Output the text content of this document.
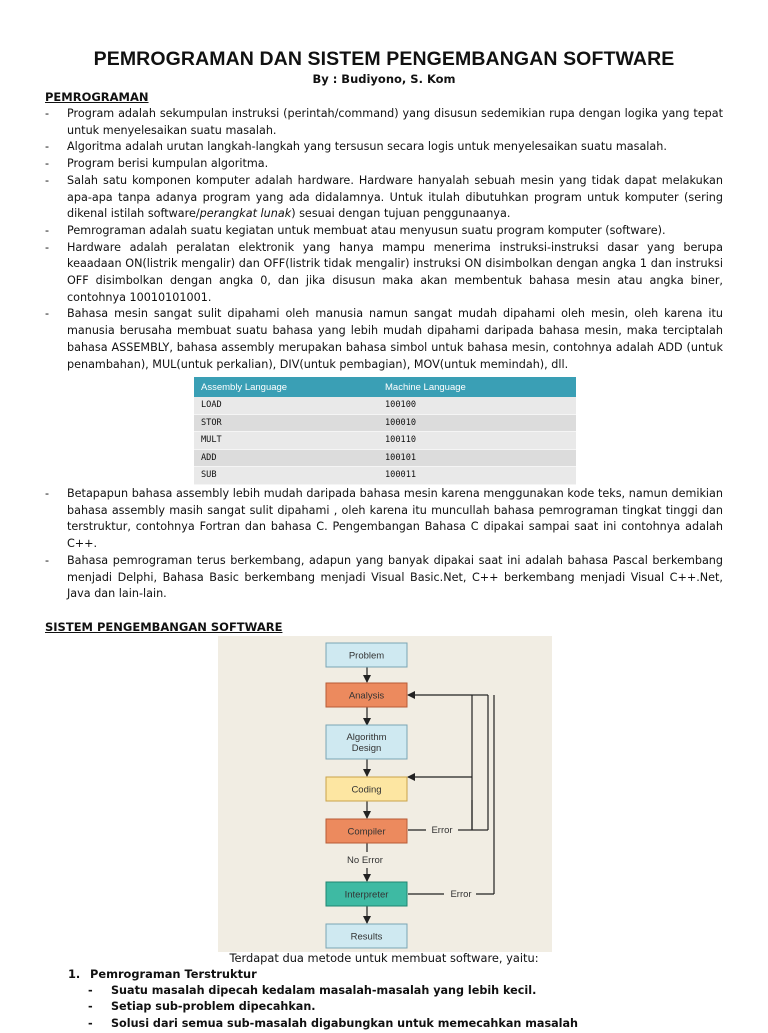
PEMROGRAMAN DAN SISTEM PENGEMBANGAN SOFTWARE
By : Budiyono, S. Kom
PEMROGRAMAN
- Program adalah sekumpulan instruksi (perintah/command) yang disusun sedemikian rupa dengan logika yang tepat untuk menyelesaikan suatu masalah.
- Algoritma adalah urutan langkah-langkah yang tersusun secara logis untuk menyelesaikan suatu masalah.
- Program berisi kumpulan algoritma.
- Salah satu komponen komputer adalah hardware. Hardware hanyalah sebuah mesin yang tidak dapat melakukan apa-apa tanpa adanya program yang ada didalamnya. Untuk itulah dibutuhkan program untuk komputer (sering dikenal istilah software/perangkat lunak) sesuai dengan tujuan penggunaanya.
- Pemrograman adalah suatu kegiatan untuk membuat atau menyusun suatu program komputer (software).
- Hardware adalah peralatan elektronik yang hanya mampu menerima instruksi-instruksi dasar yang berupa keaadaan ON(listrik mengalir) dan OFF(listrik tidak mengalir) instruksi ON disimbolkan dengan angka 1 dan instruksi OFF disimbolkan dengan angka 0, dan jika disusun maka akan membentuk bahasa mesin atau angka biner, contohnya 10010101001.
- Bahasa mesin sangat sulit dipahami oleh manusia namun sangat mudah dipahami oleh mesin, oleh karena itu manusia berusaha membuat suatu bahasa yang lebih mudah dipahami daripada bahasa mesin, maka terciptalah bahasa ASSEMBLY, bahasa assembly merupakan bahasa simbol untuk bahasa mesin, contohnya adalah ADD (untuk penambahan), MUL(untuk perkalian), DIV(untuk pembagian), MOV(untuk memindah), dll.
Assembly Language	Machine Language
LOAD	100100
STOR	100010
MULT	100110
ADD	100101
SUB	100011
- Betapapun bahasa assembly lebih mudah daripada bahasa mesin karena menggunakan kode teks, namun demikian bahasa assembly masih sangat sulit dipahami , oleh karena itu muncullah bahasa pemrograman tingkat tinggi dan terstruktur, contohnya Fortran dan bahasa C. Pengembangan Bahasa C dipakai sampai saat ini contohnya adalah C++.
- Bahasa pemrograman terus berkembang, adapun yang banyak dipakai saat ini adalah bahasa Pascal berkembang menjadi Delphi, Bahasa Basic berkembang menjadi Visual Basic.Net, C++ berkembang menjadi Visual C++.Net, Java dan lain-lain.
SISTEM PENGEMBANGAN SOFTWARE
Problem
Analysis
Algorithm
Design
Coding
Compiler
Interpreter
Results
Error
No Error
Error
Terdapat dua metode untuk membuat software, yaitu:
1. Pemrograman Terstruktur
- Suatu masalah dipecah kedalam masalah-masalah yang lebih kecil.
- Setiap sub-problem dipecahkan.
- Solusi dari semua sub-masalah digabungkan untuk memecahkan masalah
